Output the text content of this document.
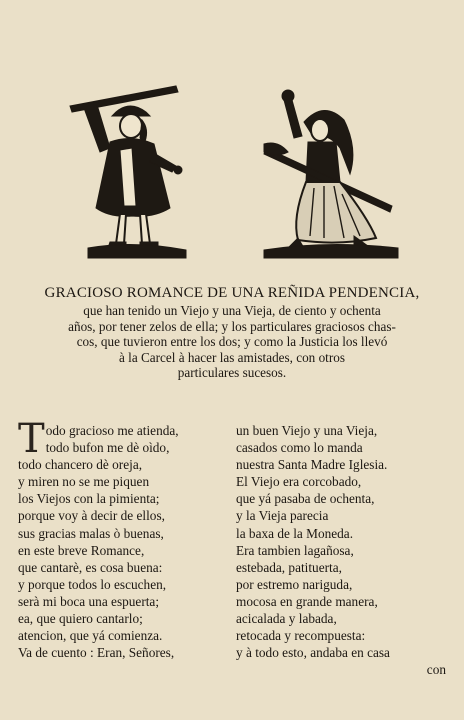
GRACIOSO ROMANCE DE UNA REÑIDA PENDENCIA,
que han tenido un Viejo y una Vieja, de ciento y ochenta
años, por tener zelos de ella; y los particulares graciosos chas-
cos, que tuvieron entre los dos; y como la Justicia los llevó
à la Carcel à hacer las amistades, con otros
particulares sucesos.
T odo gracioso me atienda,
todo bufon me dè oìdo,
todo chancero dè oreja,
y miren no se me piquen
los Viejos con la pimienta;
porque voy à decir de ellos,
sus gracias malas ò buenas,
en este breve Romance,
que cantarè, es cosa buena:
y porque todos lo escuchen,
serà mi boca una espuerta;
ea, que quiero cantarlo;
atencion, que yá comienza.
Va de cuento : Eran, Señores,
un buen Viejo y una Vieja,
casados como lo manda
nuestra Santa Madre Iglesia.
El Viejo era corcobado,
que yá pasaba de ochenta,
y la Vieja parecia
la baxa de la Moneda.
Era tambien lagañosa,
estebada, patituerta,
por estremo nariguda,
mocosa en grande manera,
acicalada y labada,
retocada y recompuesta:
y à todo esto, andaba en casa
con
